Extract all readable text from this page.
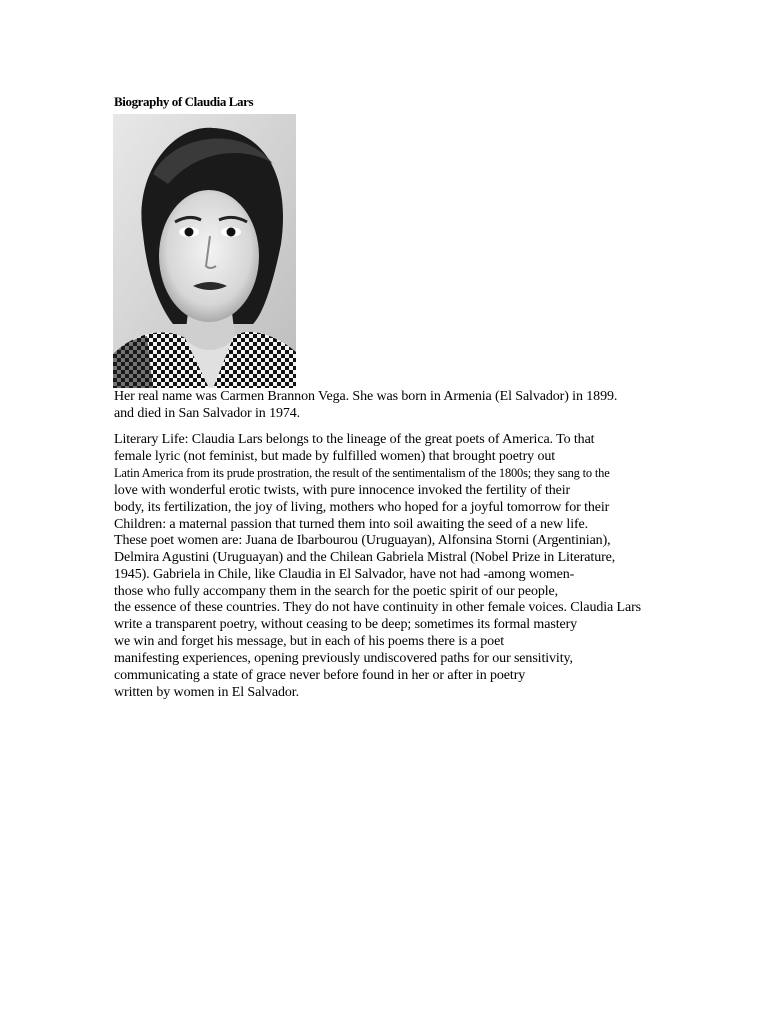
Biography of Claudia Lars
Her real name was Carmen Brannon Vega. She was born in Armenia (El Salvador) in 1899.
and died in San Salvador in 1974.
Literary Life: Claudia Lars belongs to the lineage of the great poets of America. To that
female lyric (not feminist, but made by fulfilled women) that brought poetry out
Latin America from its prude prostration, the result of the sentimentalism of the 1800s; they sang to the
love with wonderful erotic twists, with pure innocence invoked the fertility of their
body, its fertilization, the joy of living, mothers who hoped for a joyful tomorrow for their
Children: a maternal passion that turned them into soil awaiting the seed of a new life.
These poet women are: Juana de Ibarbourou (Uruguayan), Alfonsina Storni (Argentinian),
Delmira Agustini (Uruguayan) and the Chilean Gabriela Mistral (Nobel Prize in Literature,
1945). Gabriela in Chile, like Claudia in El Salvador, have not had -among women-
those who fully accompany them in the search for the poetic spirit of our people,
the essence of these countries. They do not have continuity in other female voices. Claudia Lars
write a transparent poetry, without ceasing to be deep; sometimes its formal mastery
we win and forget his message, but in each of his poems there is a poet
manifesting experiences, opening previously undiscovered paths for our sensitivity,
communicating a state of grace never before found in her or after in poetry
written by women in El Salvador.
